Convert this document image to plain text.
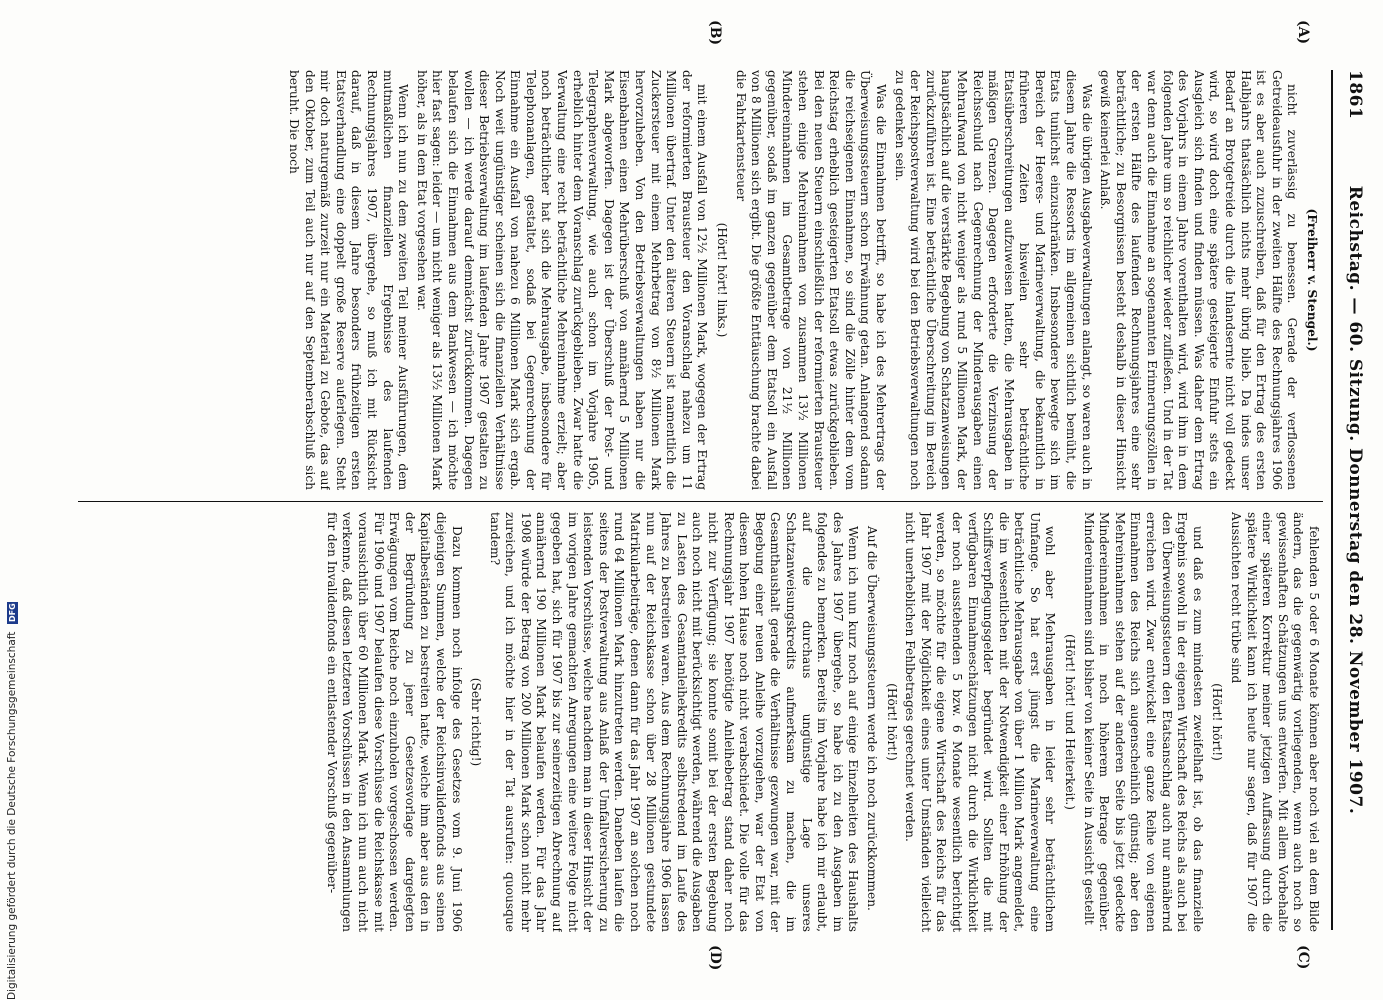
1861
Reichstag. — 60. Sitzung. Donnerstag den 28. November 1907.
(A)
(B)
(C)
(D)

(Freiherr v. Stengel.)

nicht zuverlässig zu benessen. Gerade der verflossenen Getreideausfuhr in der zweiten Hälfte des Rechnungsjahres 1906 ist es aber auch zuzuschreiben, daß für den Ertrag des ersten Halbjahrs thatsächlich nichts mehr übrig blieb. Da indes unser Bedarf an Brotgetreide durch die Inlandsernte nicht voll gedeckt wird, so wird doch eine spätere gesteigerte Einfuhr stets ein Ausgleich sich finden und finden müssen. Was daher dem Ertrag des Vorjahrs in einem Jahre vorenthalten wird, wird ihm in dem folgenden Jahre um so reichlicher wieder zufließen. Und in der Tat war denn auch die Einnahme an sogenannten Erinnerungszöllen in der ersten Hälfte des laufenden Rechnungsjahres eine sehr beträchtliche; zu Besorgnissen besteht deshalb in dieser Hinsicht gewiß keinerlei Anlaß.

Was die übrigen Ausgabeverwaltungen anlangt, so waren auch in diesem Jahre die Ressorts im allgemeinen sichtlich bemüht, die Etats tunlichst einzuschränken. Insbesondere bewegte sich im Bereich der Heeres- und Marineverwaltung, die bekanntlich in früheren Zeiten bisweilen sehr beträchtliche Etatsüberschreitungen aufzuweisen hatten, die Mehrausgaben in mäßigen Grenzen. Dagegen erforderte die Verzinsung der Reichsschuld nach Gegenrechnung der Minderausgaben einen Mehraufwand von nicht weniger als rund 5 Millionen Mark, der hauptsächlich auf die verstärkte Begebung von Schatzanweisungen zurückzuführen ist. Eine beträchtliche Überschreitung im Bereich der Reichspostverwaltung wird bei den Betriebsverwaltungen noch zu gedenken sein.

Was die Einnahmen betrifft, so habe ich des Mehrertrags der Überweisungssteuern schon Erwähnung getan. Anlangend sodann die reichseigenen Einnahmen, so sind die Zölle hinter dem vom Reichstag erheblich gesteigerten Etatsoll etwas zurückgeblieben. Bei den neuen Steuern einschließlich der reformierten Brausteuer stehen einige Mehreinnahmen von zusammen 13½ Millionen Mindereinnahmen im Gesamtbetrage von 21½ Millionen gegenüber, sodaß im ganzen gegenüber dem Etatsoll ein Ausfall von 8 Millionen sich ergibt. Die größte Enttäuschung brachte dabei die Fahrkartensteuer

(Hört! hört! links.)

mit einem Ausfall von 12½ Millionen Mark, wogegen der Ertrag der reformierten Brausteuer den Voranschlag nahezu um 11 Millionen übertraf. Unter den älteren Steuern ist namentlich die Zuckersteuer mit einem Mehrbetrag von 8½ Millionen Mark hervorzuheben. Von den Betriebsverwaltungen haben nur die Eisenbahnen einen Mehrüberschuß von annähernd 5 Millionen Mark abgeworfen. Dagegen ist der Überschuß der Post- und Telegraphenverwaltung, wie auch schon im Vorjahre 1905, erheblich hinter dem Voranschlag zurückgeblieben. Zwar hatte die Verwaltung eine recht beträchtliche Mehreinnahme erzielt; aber noch beträchtlicher hat sich die Mehrausgabe, insbesondere für Telephonanlagen, gestaltet, sodaß bei Gegenrechnung der Einnahme ein Ausfall von nahezu 6 Millionen Mark sich ergab. Noch weit ungünstiger scheinen sich die finanziellen Verhältnisse dieser Betriebsverwaltung im laufenden Jahre 1907 gestalten zu wollen — ich werde darauf demnächst zurückkommen. Dagegen belaufen sich die Einnahmen aus dem Bankwesen — ich möchte hier fast sagen: leider — um nicht weniger als 13½ Millionen Mark höher, als in dem Etat vorgesehen war.

Wenn ich nun zu dem zweiten Teil meiner Ausführungen, dem mutmaßlichen finanziellen Ergebnisse des laufenden Rechnungsjahres 1907, übergehe, so muß ich mit Rücksicht darauf, daß in diesem Jahre besonders frühzeitigen ersten Etatsverhandlung eine doppelt große Reserve auferlegen. Steht mir doch naturgemäß zurzeit nur ein Material zu Gebote, das auf den Oktober, zum Teil auch nur auf den Septemberabschluß sich beruht. Die noch

fehlenden 5 oder 6 Monate können aber noch viel an dem Bilde ändern, das die gegenwärtig vorliegenden, wenn auch noch so gewissenhaften Schätzungen uns entwerfen. Mit allem Vorbehalte einer späteren Korrektur meiner jetzigen Auffassung durch die spätere Wirklichkeit kann ich heute nur sagen, daß für 1907 die Aussichten recht trübe sind

(Hört! hört!)

und daß es zum mindesten zweifelhaft ist, ob das finanzielle Ergebnis sowohl in der eigenen Wirtschaft des Reichs als auch bei den Überweisungssteuern den Etatsanschlag auch nur annähernd erreichen wird. Zwar entwickelt eine ganze Reihe von eigenen Einnahmen des Reichs sich augenscheinlich günstig; aber den Mehreinnahmen stehen auf der anderen Seite bis jetzt gedeckte Mindereinnahmen in noch höherem Betrage gegenüber. Mindereinnahmen sind bisher von keiner Seite in Aussicht gestellt

(Hört! hört! und Heiterkeit.)

wohl aber Mehrausgaben in leider sehr beträchtlichem Umfange. So hat erst jüngst die Marineverwaltung eine beträchtliche Mehrausgabe von über 1 Million Mark angemeldet, die im wesentlichen mit der Notwendigkeit einer Erhöhung der Schiffsverpflegungsgelder begründet wird. Sollten die mit verfügbaren Einnahmeschätzungen nicht durch die Wirklichkeit der noch ausstehenden 5 bzw. 6 Monate wesentlich berichtigt werden, so möchte für die eigene Wirtschaft des Reichs für das Jahr 1907 mit der Möglichkeit eines unter Umständen vielleicht nicht unerheblichen Fehlbetrages gerechnet werden.

(Hört! hört!)

Auf die Überweisungssteuern werde ich noch zurückkommen.

Wenn ich nun kurz noch auf einige Einzelheiten des Haushalts des Jahres 1907 übergehe, so habe ich zu den Ausgaben im folgendes zu bemerken. Bereits im Vorjahre habe ich mir erlaubt, auf die durchaus ungünstige Lage unseres Schatzanweisungskredits aufmerksam zu machen, die im Gesamthaushalt gerade die Verhältnisse gezwungen war, mit der Begebung einer neuen Anleihe vorzugehen, war der Etat von diesem hohen Hause noch nicht verabschiedet. Die volle für das Rechnungsjahr 1907 benötigte Anleihebetrag stand daher noch nicht zur Verfügung; sie konnte somit bei der ersten Begebung auch noch nicht mit berücksichtigt werden, während die Ausgaben zu Lasten des Gesamtanleihekredits selbstredend im Laufe des Jahres zu bestreiten waren. Aus dem Rechnungsjahre 1906 lassen nun auf der Reichskasse schon über 28 Millionen gestundete Matrikularbeiträge, denen dann für das Jahr 1907 an solchen noch rund 64 Millionen Mark hinzutreten werden. Daneben laufen die seitens der Postverwaltung aus Anlaß der Umfallversicherung zu leistenden Vorschüsse, welche nachdem man in dieser Hinsicht der im vorigen Jahre gemachten Anregungen eine weitere Folge nicht gegeben hat, sich für 1907 bis zur seinerzeitigen Abrechnung auf annähernd 190 Millionen Mark belaufen werden. Für das Jahr 1908 würde der Betrag von 200 Millionen Mark schon nicht mehr zureichen, und ich möchte hier in der Tat ausrufen: quousque tandem?

(Sehr richtig!)

Dazu kommen noch infolge des Gesetzes vom 9. Juni 1906 diejenigen Summen, welche der Reichsinvalidenfonds aus seinen Kapitalbeständen zu bestreiten hatte, welche ihm aber aus den in der Begründung zu jener Gesetzesvorlage dargelegten Erwägungen vom Reiche noch einzuholen vorgeschossen werden. Für 1906 und 1907 belaufen diese Vorschüsse die Reichskasse mit voraussichtlich über 60 Millionen Mark. Wenn ich nun auch nicht verkenne, daß diesen letzteren Vorschüssen in den Ansammlungen für den Invalidenfonds ein entlastender Vorschuß gegenüber-

Digitalisierung gefördert durch die Deutsche Forschungsgemeinschaft
DFG
